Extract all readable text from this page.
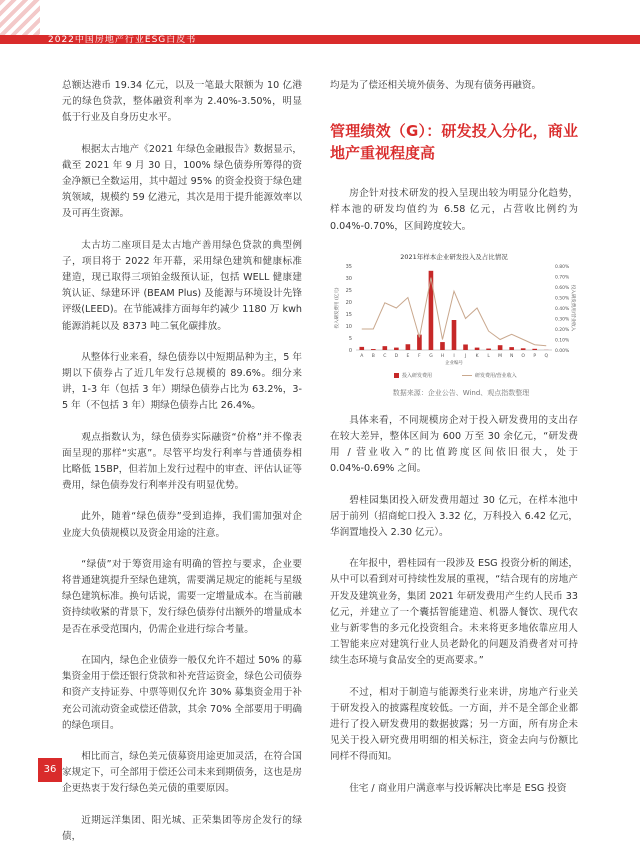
2022中国房地产行业ESG白皮书

总额达港币 19.34 亿元，以及一笔最大限额为 10 亿港元的绿色贷款，整体融资利率为 2.40%-3.50%，明显低于行业及自身历史水平。

根据太古地产《2021 年绿色金融报告》数据显示，截至 2021 年 9 月 30 日，100% 绿色债券所筹得的资金净额已全数运用，其中超过 95% 的资金投资于绿色建筑领域，规模约 59 亿港元，其次是用于提升能源效率以及可再生资源。

太古坊二座项目是太古地产善用绿色贷款的典型例子，项目将于 2022 年开幕，采用绿色建筑和健康标准建造，现已取得三项铂金级预认证，包括 WELL 健康建筑认证、绿建环评 (BEAM Plus) 及能源与环境设计先锋评级(LEED)。在节能减排方面每年约减少 1180 万 kwh 能源消耗以及 8373 吨二氧化碳排放。

从整体行业来看，绿色债券以中短期品种为主，5 年期以下债券占了近几年发行总规模的 89.6%。细分来讲，1-3 年（包括 3 年）期绿色债券占比为 63.2%，3-5 年（不包括 3 年）期绿色债券占比 26.4%。

观点指数认为，绿色债券实际融资“价格”并不像表面呈现的那样“实惠”。尽管平均发行利率与普通债券相比略低 15BP，但若加上发行过程中的审查、评估认证等费用，绿色债券发行利率并没有明显优势。

此外，随着“绿色债券”受到追捧，我们需加强对企业庞大负债规模以及资金用途的注意。

“绿债”对于筹资用途有明确的管控与要求，企业要将普通建筑提升至绿色建筑，需要满足规定的能耗与星级绿色建筑标准。换句话说，需要一定增量成本。在当前融资持续收紧的背景下，发行绿色债券付出额外的增量成本是否在承受范围内，仍需企业进行综合考量。

在国内，绿色企业债券一般仅允许不超过 50% 的募集资金用于偿还银行贷款和补充营运资金，绿色公司债券和资产支持证券、中票等则仅允许 30% 募集资金用于补充公司流动资金或偿还借款，其余 70% 全部要用于明确的绿色项目。

相比而言，绿色美元债募资用途更加灵活，在符合国家规定下，可全部用于偿还公司未来到期债务，这也是房企更热衷于发行绿色美元债的重要原因。

近期远洋集团、阳光城、正荣集团等房企发行的绿债，

均是为了偿还相关境外债务、为现有债务再融资。

管理绩效（G）：研发投入分化，商业地产重视程度高

房企针对技术研发的投入呈现出较为明显分化趋势，样本池的研发均值约为 6.58 亿元，占营收比例约为 0.04%-0.70%，区间跨度较大。

2021年样本企业研发投入及占比情况
0
5
10
15
20
25
30
35
0.00%
0.10%
0.20%
0.30%
0.40%
0.50%
0.60%
0.70%
0.80%
A B C D E F G H I J K L M N O P Q
企业编号
投入研发费用 (亿元)	投入研发费用/营业收入
投入研发费用	研发费用/营业收入

数据来源：企业公告、Wind、观点指数整理

具体来看，不同规模房企对于投入研发费用的支出存在较大差异，整体区间为 600 万至 30 余亿元，“研发费用 / 营业收入”的比值跨度区间依旧很大，处于 0.04%-0.69% 之间。

碧桂园集团投入研发费用超过 30 亿元，在样本池中居于前列（招商蛇口投入 3.32 亿，万科投入 6.42 亿元，华润置地投入 2.30 亿元）。

在年报中，碧桂园有一段涉及 ESG 投资分析的阐述，从中可以看到对可持续性发展的重视，“结合现有的房地产开发及建筑业务，集团 2021 年研发费用产生约人民币 33 亿元，并建立了一个囊括智能建造、机器人餐饮、现代农业与新零售的多元化投资组合。未来将更多地依靠应用人工智能来应对建筑行业人员老龄化的问题及消费者对可持续生态环境与食品安全的更高要求。”

不过，相对于制造与能源类行业来讲，房地产行业关于研发投入的披露程度较低。一方面，并不是全部企业都进行了投入研发费用的数据披露；另一方面，所有房企未见关于投入研究费用明细的相关标注，资金去向与份额比同样不得而知。

住宅 / 商业用户满意率与投诉解决比率是 ESG 投资

36
